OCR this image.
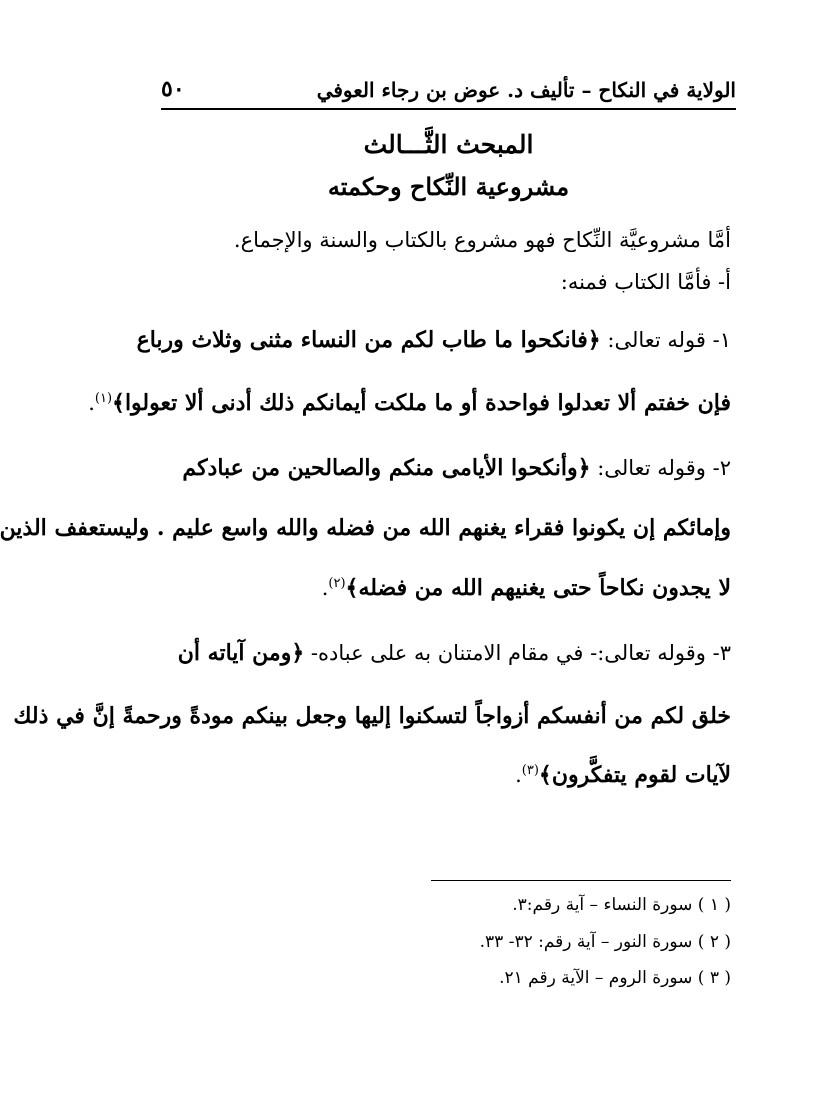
الولاية في النكاح – تأليف د. عوض بن رجاء العوفي
٥٠
المبحث الثَّـــالث
مشروعية النِّكاح وحكمته
أمَّا مشروعيَّة النِّكاح فهو مشروع بالكتاب والسنة والإجماع.
أ- فأمَّا الكتاب فمنه:
١- قوله تعالى: ﴿فانكحوا ما طاب لكم من النساء مثنى وثلاث ورباع
فإن خفتم ألا تعدلوا فواحدة أو ما ملكت أيمانكم ذلك أدنى ألا تعولوا﴾$^{(١)}$.
٢- وقوله تعالى: ﴿وأنكحوا الأيامى منكم والصالحين من عبادكم
وإمائكم إن يكونوا فقراء يغنهم الله من فضله والله واسع عليم . وليستعفف الذين
لا يجدون نكاحاً حتى يغنيهم الله من فضله﴾$^{(٢)}$.
٣- وقوله تعالى:- في مقام الامتنان به على عباده- ﴿ومن آياته أن
خلق لكم من أنفسكم أزواجاً لتسكنوا إليها وجعل بينكم مودةً ورحمةً إنَّ في ذلك
لآيات لقوم يتفكَّرون﴾$^{(٣)}$.
( ١ ) سورة النساء – آية رقم:٣.
( ٢ ) سورة النور – آية رقم: ٣٢- ٣٣.
( ٣ ) سورة الروم – الآية رقم ٢١.
